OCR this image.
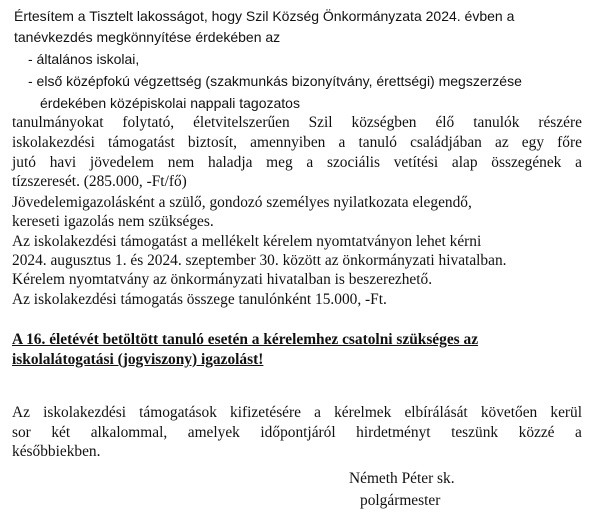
Értesítem a Tisztelt lakosságot, hogy Szil Község Önkormányzata 2024. évben a
tanévkezdés megkönnyítése érdekében az
- általános iskolai,
- első középfokú végzettség (szakmunkás bizonyítvány, érettségi) megszerzése
érdekében középiskolai nappali tagozatos
tanulmányokat folytató, életvitelszerűen Szil községben élő tanulók részére
iskolakezdési támogatást biztosít, amennyiben a tanuló családjában az egy főre
jutó havi jövedelem nem haladja meg a szociális vetítési alap összegének a
tízszeresét. (285.000, -Ft/fő)
Jövedelemigazolásként a szülő, gondozó személyes nyilatkozata elegendő,
kereseti igazolás nem szükséges.
Az iskolakezdési támogatást a mellékelt kérelem nyomtatványon lehet kérni
2024. augusztus 1. és 2024. szeptember 30. között az önkormányzati hivatalban.
Kérelem nyomtatvány az önkormányzati hivatalban is beszerezhető.
Az iskolakezdési támogatás összege tanulónként 15.000, -Ft.
A 16. életévét betöltött tanuló esetén a kérelemhez csatolni szükséges az
iskolalátogatási (jogviszony) igazolást!
Az iskolakezdési támogatások kifizetésére a kérelmek elbírálását követően kerül
sor két alkalommal, amelyek időpontjáról hirdetményt teszünk közzé a
későbbiekben.
Németh Péter sk.
polgármester
